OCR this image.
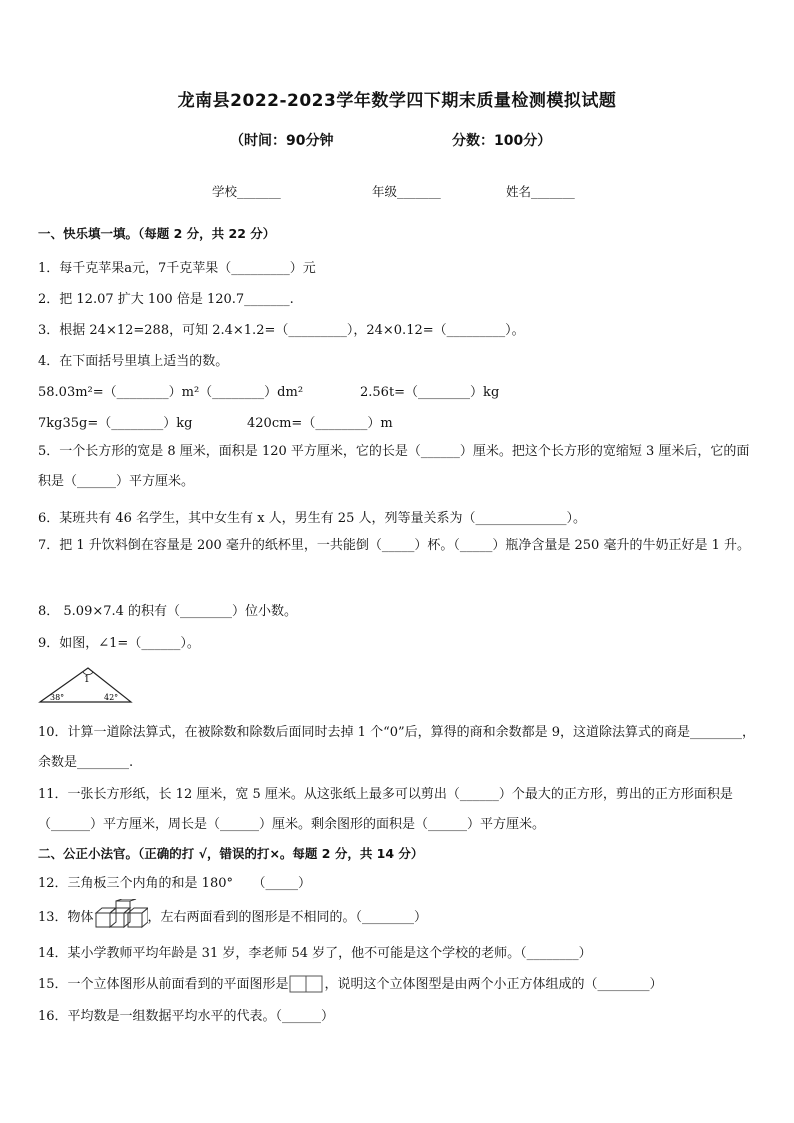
龙南县2022-2023学年数学四下期末质量检测模拟试题
（时间：90分钟	分数：100分）
学校_______	年级_______	姓名_______
一、快乐填一填。（每题 2 分，共 22 分）
1．每千克苹果a元，7千克苹果（_________）元
2．把 12.07 扩大 100 倍是 120.7_______.
3．根据 24×12=288，可知 2.4×1.2=（_________），24×0.12=（_________）。
4．在下面括号里填上适当的数。
58.03m²=（________）m²（________）dm²	2.56t=（________）kg
7kg35g=（________）kg	420cm=（________）m
5．一个长方形的宽是 8 厘米，面积是 120 平方厘米，它的长是（______）厘米。把这个长方形的宽缩短 3 厘米后，它的面积是（______）平方厘米。
6．某班共有 46 名学生，其中女生有 x 人，男生有 25 人，列等量关系为（______________）。
7．把 1 升饮料倒在容量是 200 毫升的纸杯里，一共能倒（_____）杯。（_____）瓶净含量是 250 毫升的牛奶正好是 1 升。
8． 5.09×7.4 的积有（________）位小数。
9．如图，∠1=（______）。
1
38°	42°
10．计算一道除法算式，在被除数和除数后面同时去掉 1 个“0”后，算得的商和余数都是 9，这道除法算式的商是________，余数是________.
11．一张长方形纸，长 12 厘米，宽 5 厘米。从这张纸上最多可以剪出（______）个最大的正方形，剪出的正方形面积是（______）平方厘米，周长是（______）厘米。剩余图形的面积是（______）平方厘米。
二、公正小法官。（正确的打 √，错误的打×。每题 2 分，共 14 分）
12．三角板三个内角的和是 180°　　（_____）
13．物体	，左右两面看到的图形是不相同的。（________）
14．某小学教师平均年龄是 31 岁，李老师 54 岁了，他不可能是这个学校的老师。（________）
15．一个立体图形从前面看到的平面图形是	，说明这个立体图型是由两个小正方体组成的（________）
16．平均数是一组数据平均水平的代表。（______）
